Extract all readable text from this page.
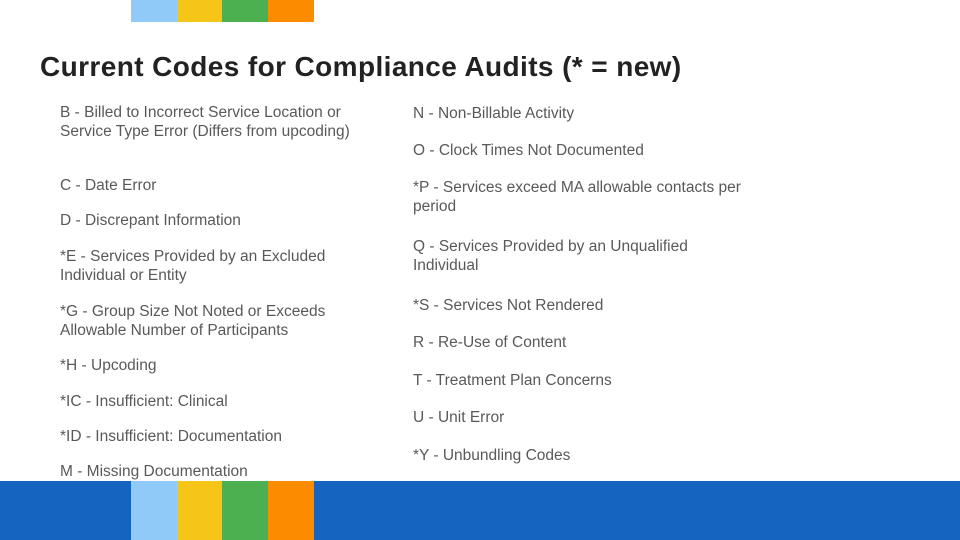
B - Billed to Incorrect Service Location or Service Type Error (Differs from upcoding)

C - Date Error

D - Discrepant Information

*E - Services Provided by an Excluded Individual or Entity

*G - Group Size Not Noted or Exceeds Allowable Number of Participants

*H - Upcoding

*IC - Insufficient: Clinical

*ID - Insufficient: Documentation

M - Missing Documentation

N - Non-Billable Activity

O - Clock Times Not Documented

*P - Services exceed MA allowable contacts per period

Q - Services Provided by an Unqualified Individual

*S - Services Not Rendered

R - Re-Use of Content

T - Treatment Plan Concerns

U - Unit Error

*Y - Unbundling Codes

Current Codes for Compliance Audits (* = new)
